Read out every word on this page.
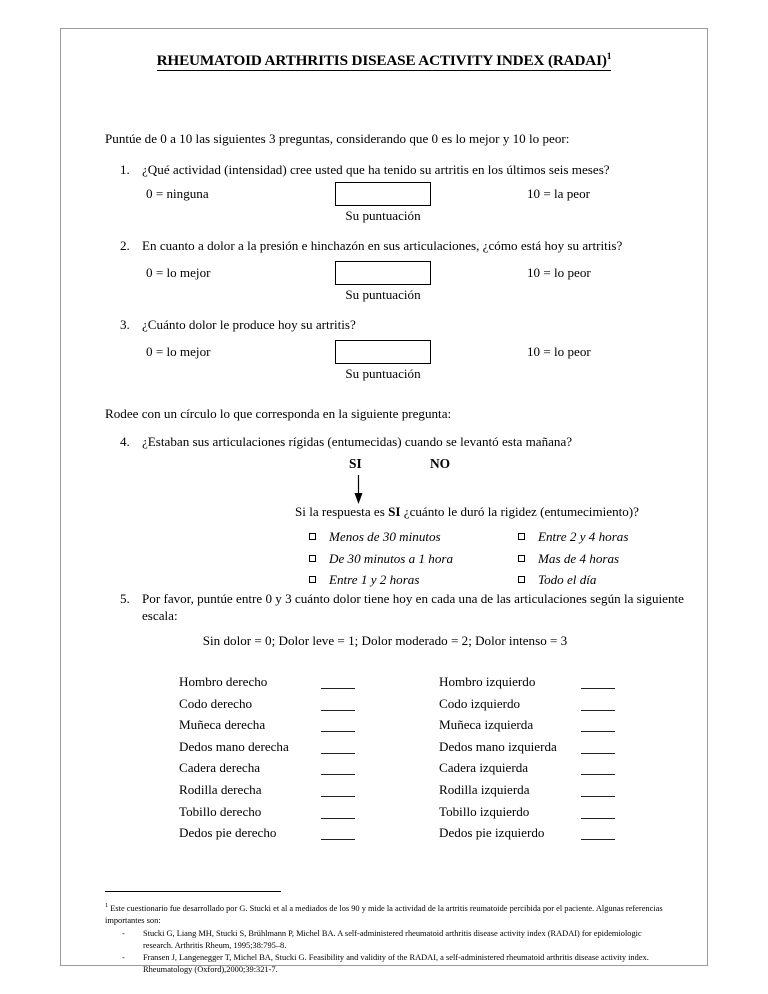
RHEUMATOID ARTHRITIS DISEASE ACTIVITY INDEX (RADAI)$^1$
Puntúe de 0 a 10 las siguientes 3 preguntas, considerando que 0 es lo mejor y 10 lo peor:
1. ¿Qué actividad (intensidad) cree usted que ha tenido su artritis en los últimos seis meses?
0 = ninguna
Su puntuación
10 = la peor
2. En cuanto a dolor a la presión e hinchazón en sus articulaciones, ¿cómo está hoy su artritis?
0 = lo mejor
Su puntuación
10 = lo peor
3. ¿Cuánto dolor le produce hoy su artritis?
0 = lo mejor
Su puntuación
10 = lo peor
Rodee con un círculo lo que corresponda en la siguiente pregunta:
4. ¿Estaban sus articulaciones rígidas (entumecidas) cuando se levantó esta mañana?
SI	NO
Si la respuesta es SI ¿cuánto le duró la rigidez (entumecimiento)?
Menos de 30 minutos
De 30 minutos a 1 hora
Entre 1 y 2 horas
Entre 2 y 4 horas
Mas de 4 horas
Todo el día
5. Por favor, puntúe entre 0 y 3 cuánto dolor tiene hoy en cada una de las articulaciones según la siguiente escala:
Sin dolor = 0; Dolor leve = 1; Dolor moderado = 2; Dolor intenso = 3
Hombro derecho
Codo derecho
Muñeca derecha
Dedos mano derecha
Cadera derecha
Rodilla derecha
Tobillo derecho
Dedos pie derecho
Hombro izquierdo
Codo izquierdo
Muñeca izquierda
Dedos mano izquierda
Cadera izquierda
Rodilla izquierda
Tobillo izquierdo
Dedos pie izquierdo
$^1$ Este cuestionario fue desarrollado por G. Stucki et al a mediados de los 90 y mide la actividad de la artritis reumatoide percibida por el paciente. Algunas referencias importantes son:
- Stucki G, Liang MH, Stucki S, Brühlmann P, Michel BA. A self-administered rheumatoid arthritis disease activity index (RADAI) for epidemiologic research. Arthritis Rheum, 1995;38:795–8.
- Fransen J, Langenegger T, Michel BA, Stucki G. Feasibility and validity of the RADAI, a self-administered rheumatoid arthritis disease activity index. Rheumatology (Oxford),2000;39:321-7.
